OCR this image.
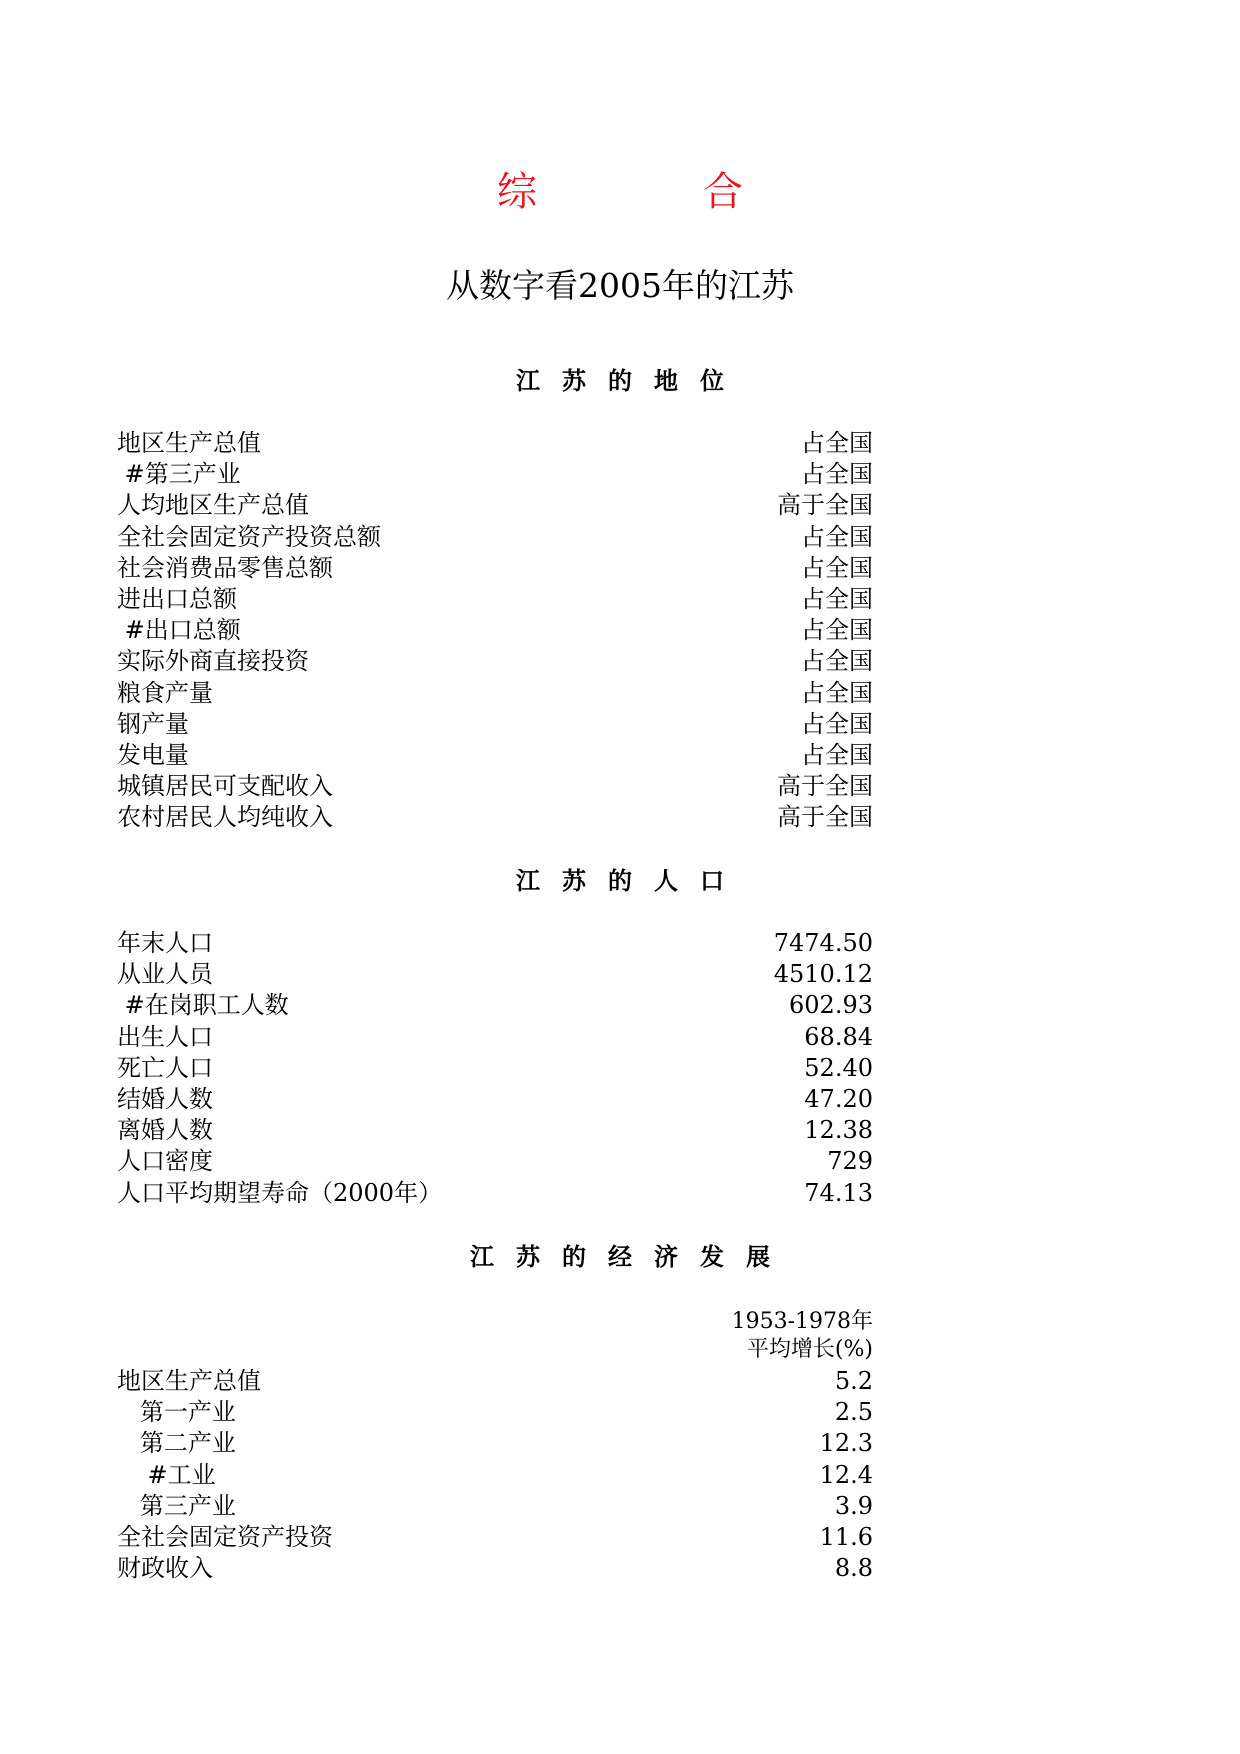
综	合
从数字看2005年的江苏
江 苏 的 地 位
地区生产总值	占全国
#第三产业	占全国
人均地区生产总值	高于全国
全社会固定资产投资总额	占全国
社会消费品零售总额	占全国
进出口总额	占全国
#出口总额	占全国
实际外商直接投资	占全国
粮食产量	占全国
钢产量	占全国
发电量	占全国
城镇居民可支配收入	高于全国
农村居民人均纯收入	高于全国
江 苏 的 人 口
年末人口	7474.50
从业人员	4510.12
#在岗职工人数	602.93
出生人口	68.84
死亡人口	52.40
结婚人数	47.20
离婚人数	12.38
人口密度	729
人口平均期望寿命（2000年）	74.13
江 苏 的 经 济 发 展
1953-1978年
平均增长(%)
地区生产总值	5.2
第一产业	2.5
第二产业	12.3
#工业	12.4
第三产业	3.9
全社会固定资产投资	11.6
财政收入	8.8
